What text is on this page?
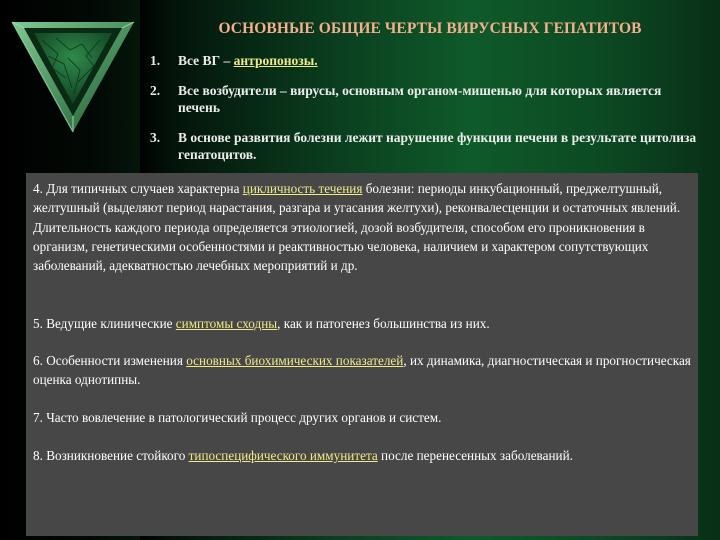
ОСНОВНЫЕ ОБЩИЕ ЧЕРТЫ ВИРУСНЫХ ГЕПАТИТОВ
1. Все ВГ – антропонозы.
2. Все возбудители – вирусы, основным органом-мишенью для которых является печень
3. В основе развития болезни лежит нарушение функции печени в результате цитолиза гепатоцитов.
4. Для типичных случаев характерна цикличность течения болезни: периоды инкубационный, преджелтушный, желтушный (выделяют период нарастания, разгара и угасания желтухи), реконвалесценции и остаточных явлений. Длительность каждого периода определяется этиологией, дозой возбудителя, способом его проникновения в организм, генетическими особенностями и реактивностью человека, наличием и характером сопутствующих заболеваний, адекватностью лечебных мероприятий и др.
5. Ведущие клинические симптомы сходны, как и патогенез большинства из них.
6. Особенности изменения основных биохимических показателей, их динамика, диагностическая и прогностическая оценка однотипны.
7. Часто вовлечение в патологический процесс других органов и систем.
8. Возникновение стойкого типоспецифического иммунитета после перенесенных заболеваний.
